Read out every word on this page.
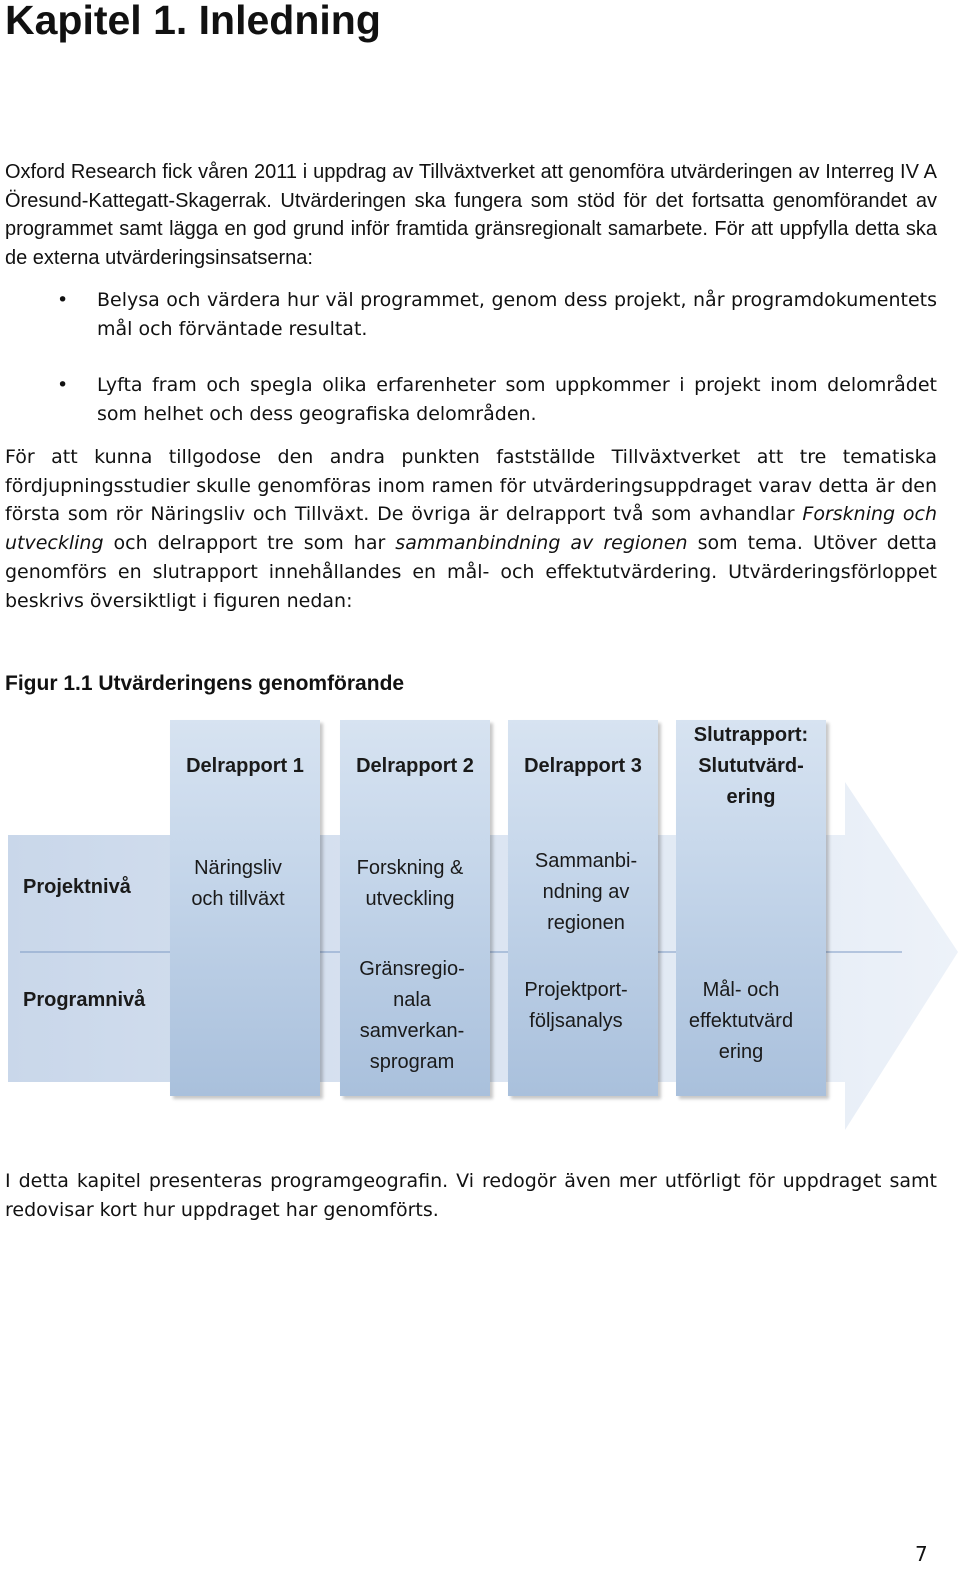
Kapitel 1. Inledning

Oxford Research fick våren 2011 i uppdrag av Tillväxtverket att genomföra utvärderingen av Interreg IV A Öresund-Kattegatt-Skagerrak. Utvärderingen ska fungera som stöd för det fortsatta genomförandet av programmet samt lägga en god grund inför framtida gränsregionalt samarbete. För att uppfylla detta ska de externa utvärderingsinsatserna:

• Belysa och värdera hur väl programmet, genom dess projekt, når programdokumentets mål och förväntade resultat.
• Lyfta fram och spegla olika erfarenheter som uppkommer i projekt inom delområdet som helhet och dess geografiska delområden.

För att kunna tillgodose den andra punkten fastställde Tillväxtverket att tre tematiska fördjupningsstudier skulle genomföras inom ramen för utvärderingsuppdraget varav detta är den första som rör Näringsliv och Tillväxt. De övriga är delrapport två som avhandlar Forskning och utveckling och delrapport tre som har sammanbindning av regionen som tema. Utöver detta genomförs en slutrapport innehållandes en mål- och effektutvärdering. Utvärderingsförloppet beskrivs översiktligt i figuren nedan:

Figur 1.1 Utvärderingens genomförande
Delrapport 1	Delrapport 2	Delrapport 3
Slutrapport:
Slututvärd-
ering
Projektnivå
Programnivå
Näringsliv
och tillväxt
Forskning &
utveckling
Sammanbi-
ndning av
regionen
Gränsregio-
nala
samverkan-
sprogram
Projektport-
följsanalys
Mål- och
effektutvärd
ering

I detta kapitel presenteras programgeografin. Vi redogör även mer utförligt för uppdraget samt redovisar kort hur uppdraget har genomförts.

7
